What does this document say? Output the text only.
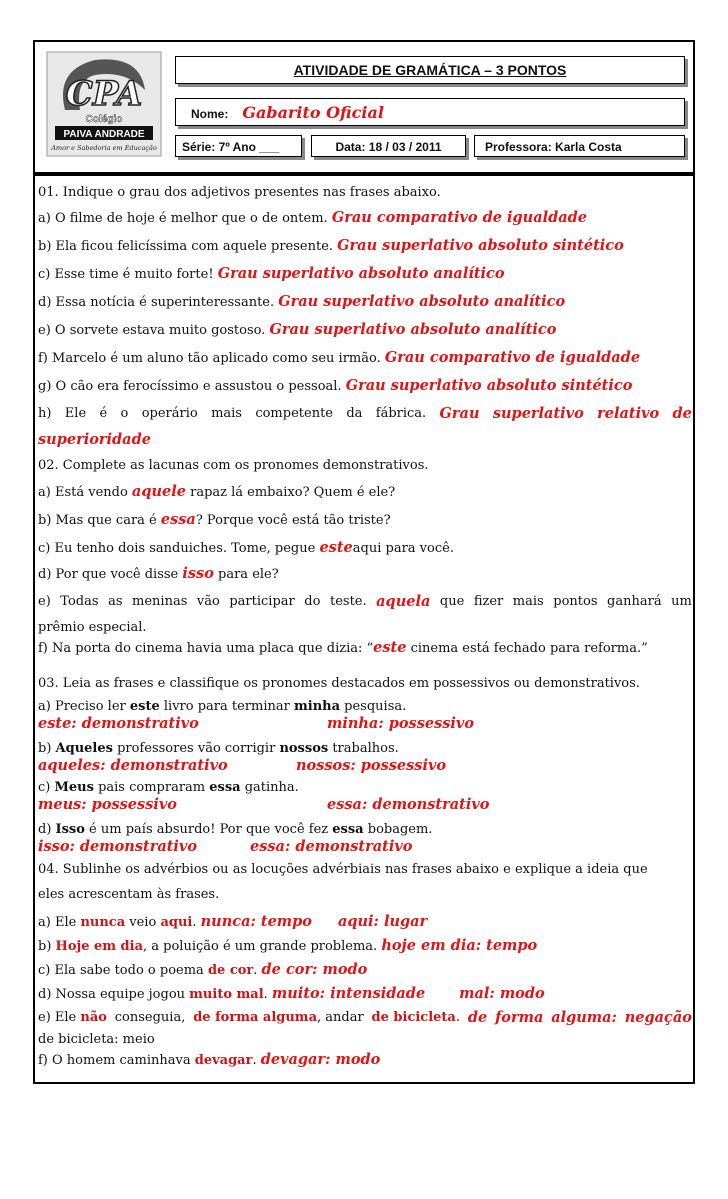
CPA
Colégio
PAIVA ANDRADE
Amor e Sabedoria em Educação
ATIVIDADE DE GRAMÁTICA – 3 PONTOS
Nome: Gabarito Oficial
Série: 7º Ano ___	Data: 18 / 03 / 2011	Professora: Karla Costa
01. Indique o grau dos adjetivos presentes nas frases abaixo.
a) O filme de hoje é melhor que o de ontem. Grau comparativo de igualdade
b) Ela ficou felicíssima com aquele presente. Grau superlativo absoluto sintético
c) Esse time é muito forte! Grau superlativo absoluto analítico
d) Essa notícia é superinteressante. Grau superlativo absoluto analítico
e) O sorvete estava muito gostoso. Grau superlativo absoluto analítico
f) Marcelo é um aluno tão aplicado como seu irmão. Grau comparativo de igualdade
g) O cão era ferocíssimo e assustou o pessoal. Grau superlativo absoluto sintético
h) Ele é o operário mais competente da fábrica. Grau superlativo relativo de
superioridade
02. Complete as lacunas com os pronomes demonstrativos.
a) Está vendo aquele rapaz lá embaixo? Quem é ele?
b) Mas que cara é essa? Porque você está tão triste?
c) Eu tenho dois sanduiches. Tome, pegue esteaqui para você.
d) Por que você disse isso para ele?
e) Todas as meninas vão participar do teste. aquela que fizer mais pontos ganhará um
prêmio especial.
f) Na porta do cinema havia uma placa que dizia: “este cinema está fechado para reforma.”
03. Leia as frases e classifique os pronomes destacados em possessivos ou demonstrativos.
a) Preciso ler este livro para terminar minha pesquisa.
este: demonstrativo	minha: possessivo
b) Aqueles professores vão corrigir nossos trabalhos.
aqueles: demonstrativo	nossos: possessivo
c) Meus pais compraram essa gatinha.
meus: possessivo	essa: demonstrativo
d) Isso é um país absurdo! Por que você fez essa bobagem.
isso: demonstrativo	essa: demonstrativo
04. Sublinhe os advérbios ou as locuções advérbiais nas frases abaixo e explique a ideia que
eles acrescentam às frases.
a) Ele nunca veio aqui. nunca: tempo aqui: lugar
b) Hoje em dia, a poluição é um grande problema. hoje em dia: tempo
c) Ela sabe todo o poema de cor. de cor: modo
d) Nossa equipe jogou muito mal. muito: intensidade mal: modo
e) Ele não conseguia, de forma alguma, andar de bicicleta. de forma alguma: negação
de bicicleta: meio
f) O homem caminhava devagar. devagar: modo
